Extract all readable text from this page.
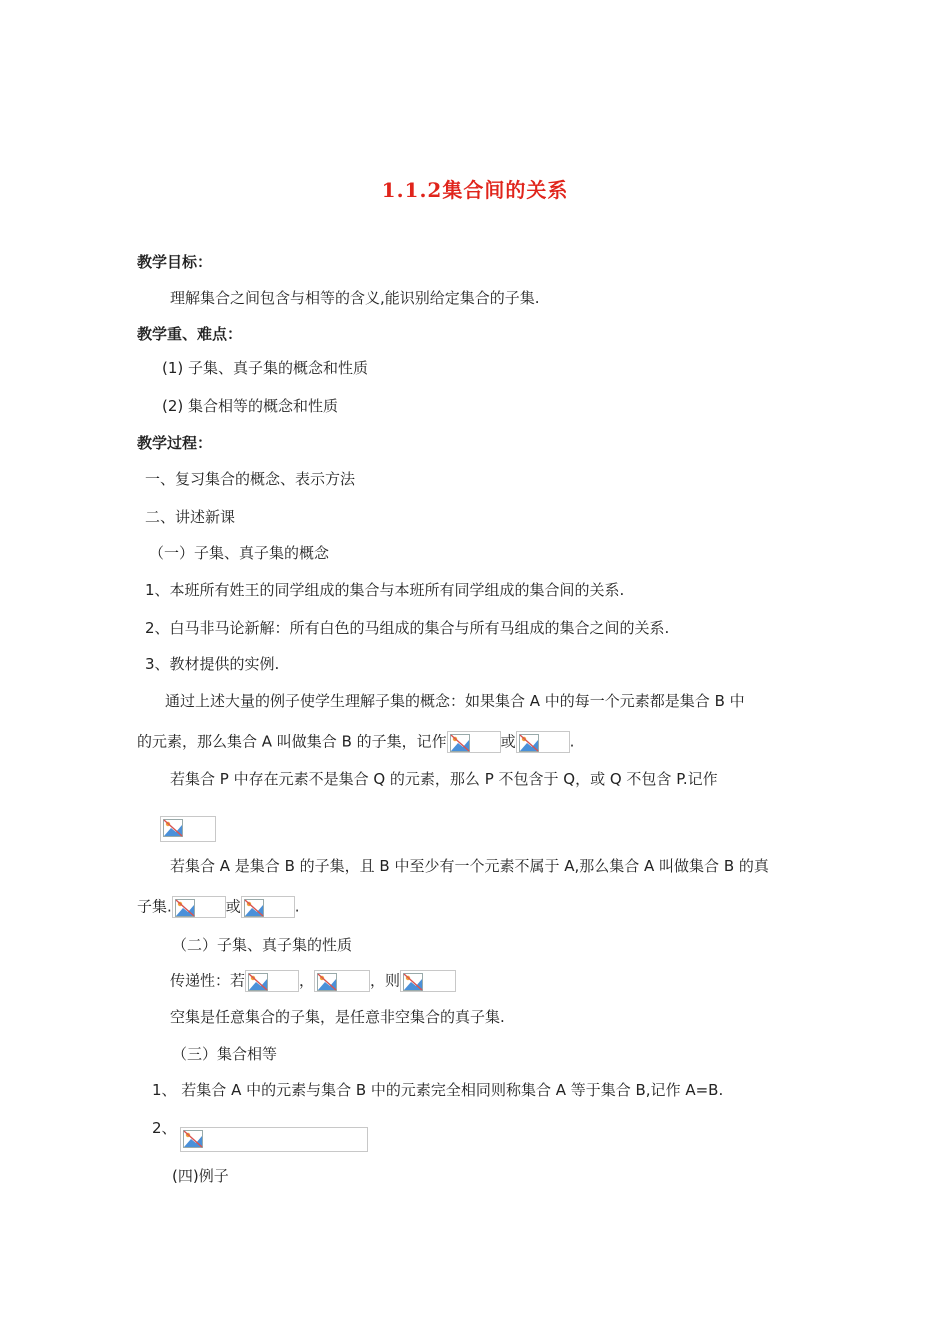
1.1.2集合间的关系
教学目标：
理解集合之间包含与相等的含义,能识别给定集合的子集.
教学重、难点：
(1) 子集、真子集的概念和性质
(2) 集合相等的概念和性质
教学过程：
一、复习集合的概念、表示方法
二、讲述新课
（一）子集、真子集的概念
1、本班所有姓王的同学组成的集合与本班所有同学组成的集合间的关系.
2、白马非马论新解：所有白色的马组成的集合与所有马组成的集合之间的关系.
3、教材提供的实例.
通过上述大量的例子使学生理解子集的概念：如果集合 A 中的每一个元素都是集合 B 中
的元素，那么集合 A 叫做集合 B 的子集，记作	或	.
若集合 P 中存在元素不是集合 Q 的元素，那么 P 不包含于 Q，或 Q 不包含 P.记作
若集合 A 是集合 B 的子集，且 B 中至少有一个元素不属于 A,那么集合 A 叫做集合 B 的真
子集.	或	.
（二）子集、真子集的性质
传递性：若	，	，则
空集是任意集合的子集，是任意非空集合的真子集.
（三）集合相等
1、 若集合 A 中的元素与集合 B 中的元素完全相同则称集合 A 等于集合 B,记作 A=B.
2、
(四)例子
